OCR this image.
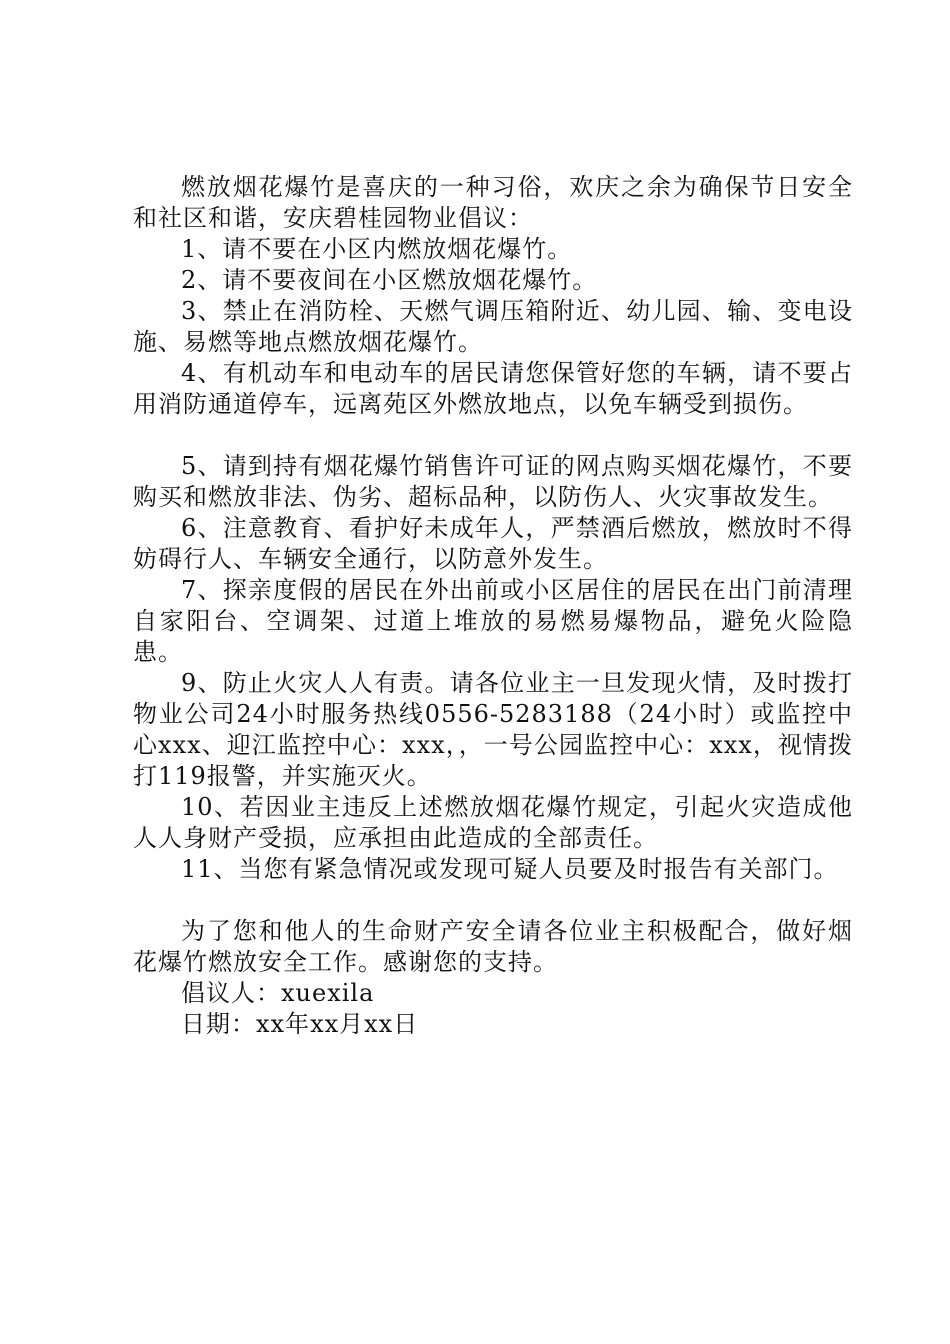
燃放烟花爆竹是喜庆的一种习俗，欢庆之余为确保节日安全和社区和谐，安庆碧桂园物业倡议：

1、请不要在小区内燃放烟花爆竹。

2、请不要夜间在小区燃放烟花爆竹。

3、禁止在消防栓、天燃气调压箱附近、幼儿园、输、变电设施、易燃等地点燃放烟花爆竹。

4、有机动车和电动车的居民请您保管好您的车辆，请不要占用消防通道停车，远离苑区外燃放地点，以免车辆受到损伤。

5、请到持有烟花爆竹销售许可证的网点购买烟花爆竹，不要购买和燃放非法、伪劣、超标品种，以防伤人、火灾事故发生。

6、注意教育、看护好未成年人，严禁酒后燃放，燃放时不得妨碍行人、车辆安全通行，以防意外发生。

7、探亲度假的居民在外出前或小区居住的居民在出门前清理自家阳台、空调架、过道上堆放的易燃易爆物品，避免火险隐患。

9、防止火灾人人有责。请各位业主一旦发现火情，及时拨打物业公司24小时服务热线0556-5283188（24小时）或监控中心xxx、迎江监控中心：xxx，，一号公园监控中心：xxx，视情拨打119报警，并实施灭火。

10、若因业主违反上述燃放烟花爆竹规定，引起火灾造成他人人身财产受损，应承担由此造成的全部责任。

11、当您有紧急情况或发现可疑人员要及时报告有关部门。

为了您和他人的生命财产安全请各位业主积极配合，做好烟花爆竹燃放安全工作。感谢您的支持。

倡议人：xuexila

日期：xx年xx月xx日
